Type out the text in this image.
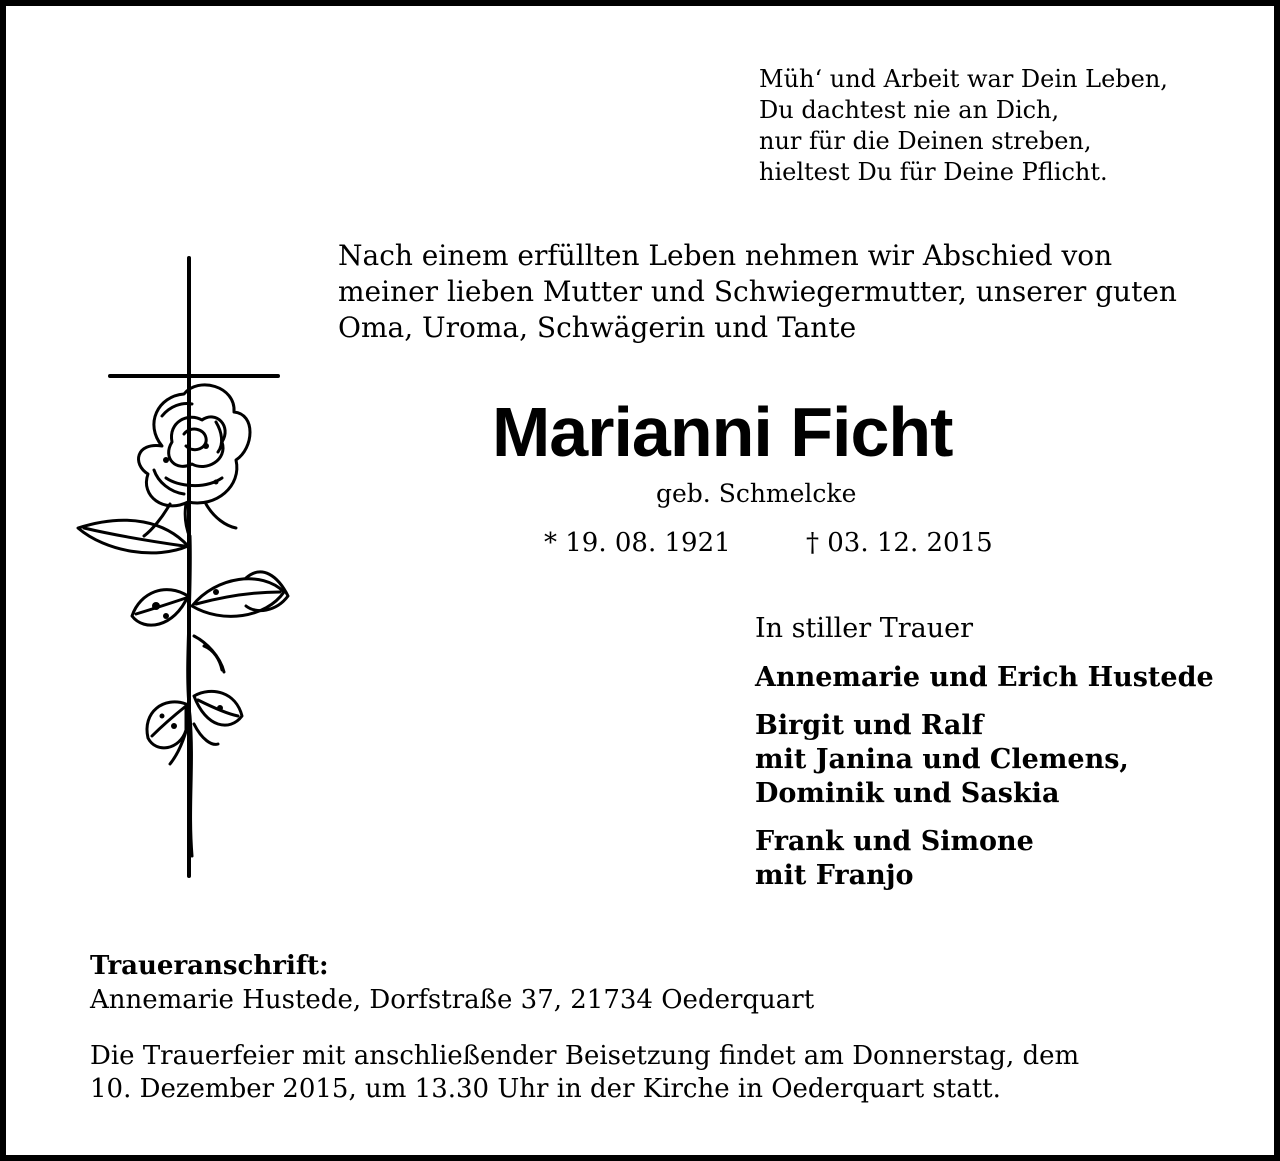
Müh‘ und Arbeit war Dein Leben,
Du dachtest nie an Dich,
nur für die Deinen streben,
hieltest Du für Deine Pflicht.
Nach einem erfüllten Leben nehmen wir Abschied von
meiner lieben Mutter und Schwiegermutter, unserer guten
Oma, Uroma, Schwägerin und Tante
Marianni Ficht
geb. Schmelcke
* 19. 08. 1921	† 03. 12. 2015
In stiller Trauer
Annemarie und Erich Hustede
Birgit und Ralf
mit Janina und Clemens,
Dominik und Saskia
Frank und Simone
mit Franjo
Traueranschrift:
Annemarie Hustede, Dorfstraße 37, 21734 Oederquart
Die Trauerfeier mit anschließender Beisetzung findet am Donnerstag, dem
10. Dezember 2015, um 13.30 Uhr in der Kirche in Oederquart statt.
